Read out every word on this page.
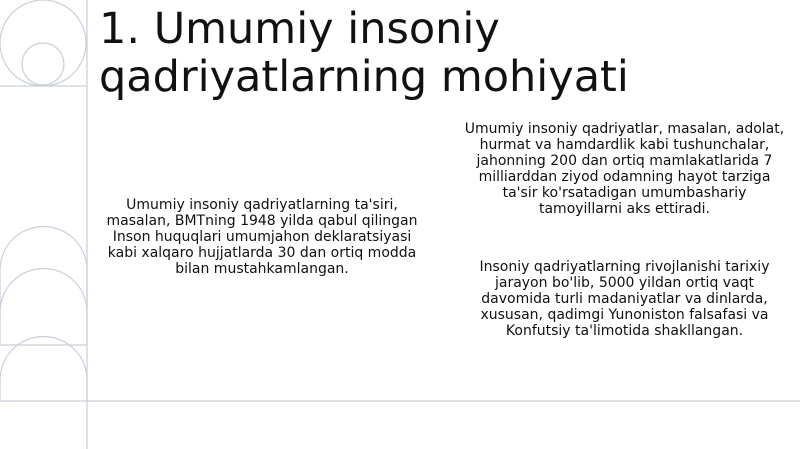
1. Umumiy insoniy
qadriyatlarning mohiyati

Umumiy insoniy qadriyatlarning ta'siri,
masalan, BMTning 1948 yilda qabul qilingan
Inson huquqlari umumjahon deklaratsiyasi
kabi xalqaro hujjatlarda 30 dan ortiq modda
bilan mustahkamlangan.

Umumiy insoniy qadriyatlar, masalan, adolat,
hurmat va hamdardlik kabi tushunchalar,
jahonning 200 dan ortiq mamlakatlarida 7
milliarddan ziyod odamning hayot tarziga
ta'sir ko'rsatadigan umumbashariy
tamoyillarni aks ettiradi.

Insoniy qadriyatlarning rivojlanishi tarixiy
jarayon bo'lib, 5000 yildan ortiq vaqt
davomida turli madaniyatlar va dinlarda,
xususan, qadimgi Yunoniston falsafasi va
Konfutsiy ta'limotida shakllangan.
